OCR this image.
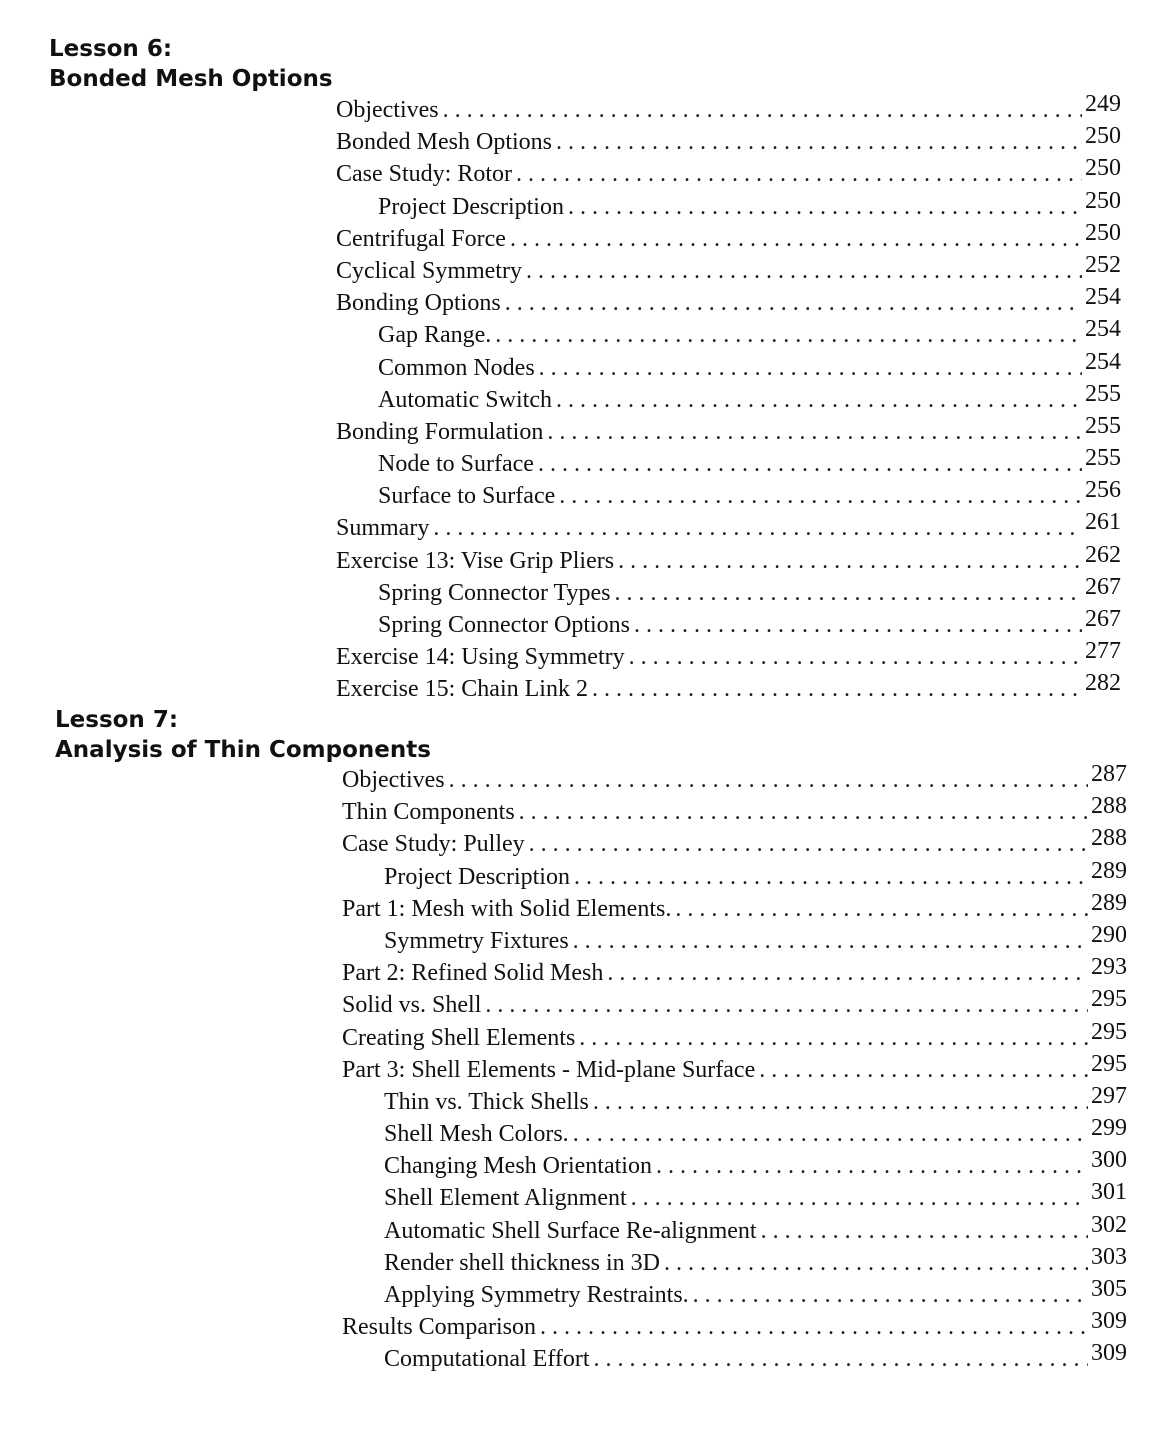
Lesson 6:
Bonded Mesh Options
Objectives . . .	249
Bonded Mesh Options . . .	250
Case Study: Rotor . . .	250
Project Description . . .	250
Centrifugal Force . . .	250
Cyclical Symmetry . . .	252
Bonding Options . . .	254
Gap Range. . . .	254
Common Nodes . . .	254
Automatic Switch . . .	255
Bonding Formulation . . .	255
Node to Surface . . .	255
Surface to Surface . . .	256
Summary . . .	261
Exercise 13: Vise Grip Pliers . . .	262
Spring Connector Types . . .	267
Spring Connector Options . . .	267
Exercise 14: Using Symmetry . . .	277
Exercise 15: Chain Link 2 . . .	282
Lesson 7:
Analysis of Thin Components
Objectives . . .	287
Thin Components . . .	288
Case Study: Pulley . . .	288
Project Description . . .	289
Part 1: Mesh with Solid Elements. . . .	289
Symmetry Fixtures . . .	290
Part 2: Refined Solid Mesh . . .	293
Solid vs. Shell . . .	295
Creating Shell Elements . . .	295
Part 3: Shell Elements - Mid-plane Surface . . .	295
Thin vs. Thick Shells . . .	297
Shell Mesh Colors. . . .	299
Changing Mesh Orientation . . .	300
Shell Element Alignment . . .	301
Automatic Shell Surface Re-alignment . . .	302
Render shell thickness in 3D . . .	303
Applying Symmetry Restraints. . . .	305
Results Comparison . . .	309
Computational Effort . . .	309
